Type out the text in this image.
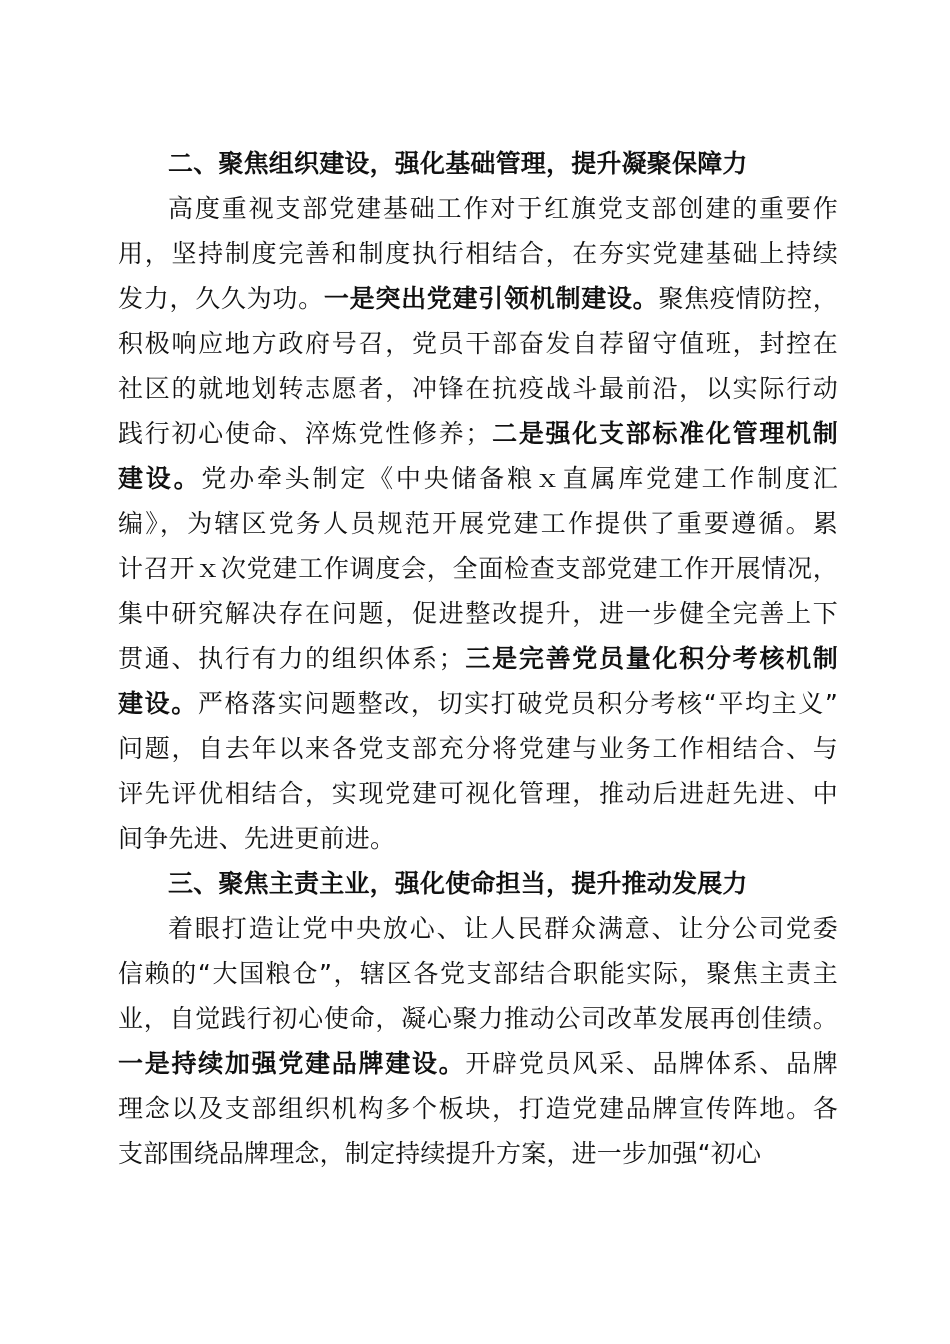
二、聚焦组织建设，强化基础管理，提升凝聚保障力
高度重视支部党建基础工作对于红旗党支部创建的重要作
用，坚持制度完善和制度执行相结合，在夯实党建基础上持续
发力，久久为功。一是突出党建引领机制建设。聚焦疫情防控，
积极响应地方政府号召，党员干部奋发自荐留守值班，封控在
社区的就地划转志愿者，冲锋在抗疫战斗最前沿，以实际行动
践行初心使命、淬炼党性修养；二是强化支部标准化管理机制
建设。党办牵头制定《中央储备粮ｘ直属库党建工作制度汇
编》，为辖区党务人员规范开展党建工作提供了重要遵循。累
计召开ｘ次党建工作调度会，全面检查支部党建工作开展情况，
集中研究解决存在问题，促进整改提升，进一步健全完善上下
贯通、执行有力的组织体系；三是完善党员量化积分考核机制
建设。严格落实问题整改，切实打破党员积分考核“平均主义”
问题，自去年以来各党支部充分将党建与业务工作相结合、与
评先评优相结合，实现党建可视化管理，推动后进赶先进、中
间争先进、先进更前进。
三、聚焦主责主业，强化使命担当，提升推动发展力
着眼打造让党中央放心、让人民群众满意、让分公司党委
信赖的“大国粮仓”，辖区各党支部结合职能实际，聚焦主责主
业，自觉践行初心使命，凝心聚力推动公司改革发展再创佳绩。
一是持续加强党建品牌建设。开辟党员风采、品牌体系、品牌
理念以及支部组织机构多个板块，打造党建品牌宣传阵地。各
支部围绕品牌理念，制定持续提升方案，进一步加强“初心
